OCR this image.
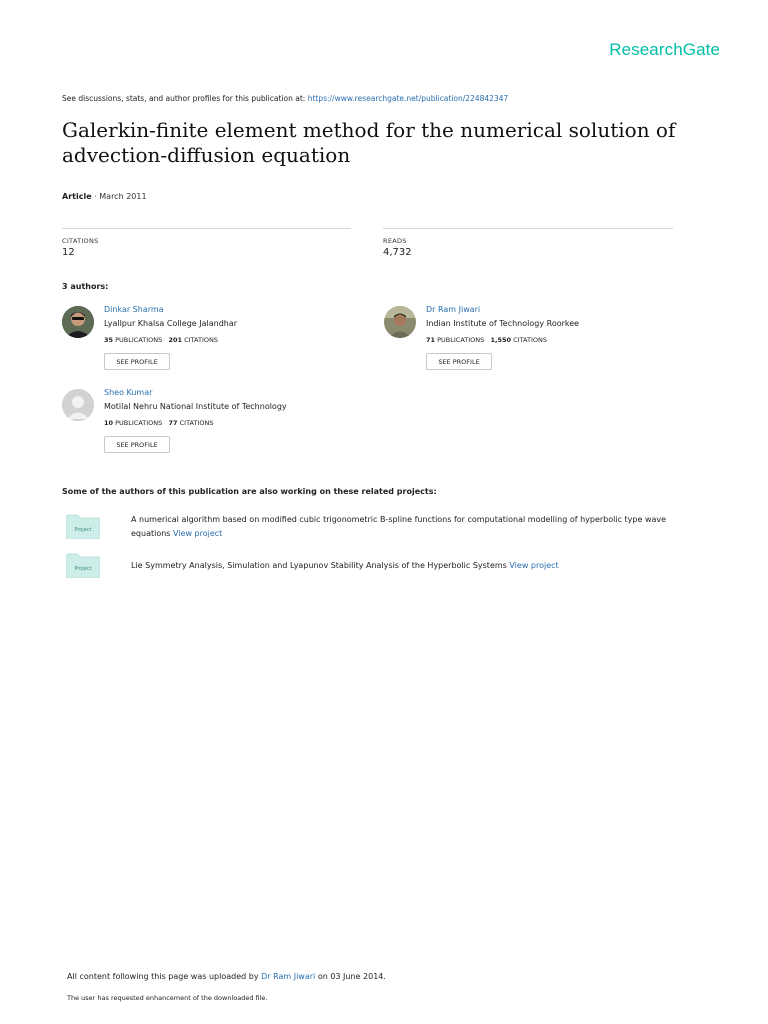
ResearchGate
See discussions, stats, and author profiles for this publication at: https://www.researchgate.net/publication/224842347
Galerkin-finite element method for the numerical solution of advection-diffusion equation
Article · March 2011
CITATIONS
12
READS
4,732
3 authors:
Dinkar Sharma
Lyallpur Khalsa College Jalandhar
35 PUBLICATIONS 201 CITATIONS
SEE PROFILE
Dr Ram Jiwari
Indian Institute of Technology Roorkee
71 PUBLICATIONS 1,550 CITATIONS
SEE PROFILE
Sheo Kumar
Motilal Nehru National Institute of Technology
10 PUBLICATIONS 77 CITATIONS
SEE PROFILE
Some of the authors of this publication are also working on these related projects:
Project
A numerical algorithm based on modified cubic trigonometric B-spline functions for computational modelling of hyperbolic type wave equations View project
Project	Lie Symmetry Analysis, Simulation and Lyapunov Stability Analysis of the Hyperbolic Systems View project
All content following this page was uploaded by Dr Ram Jiwari on 03 June 2014.
The user has requested enhancement of the downloaded file.
